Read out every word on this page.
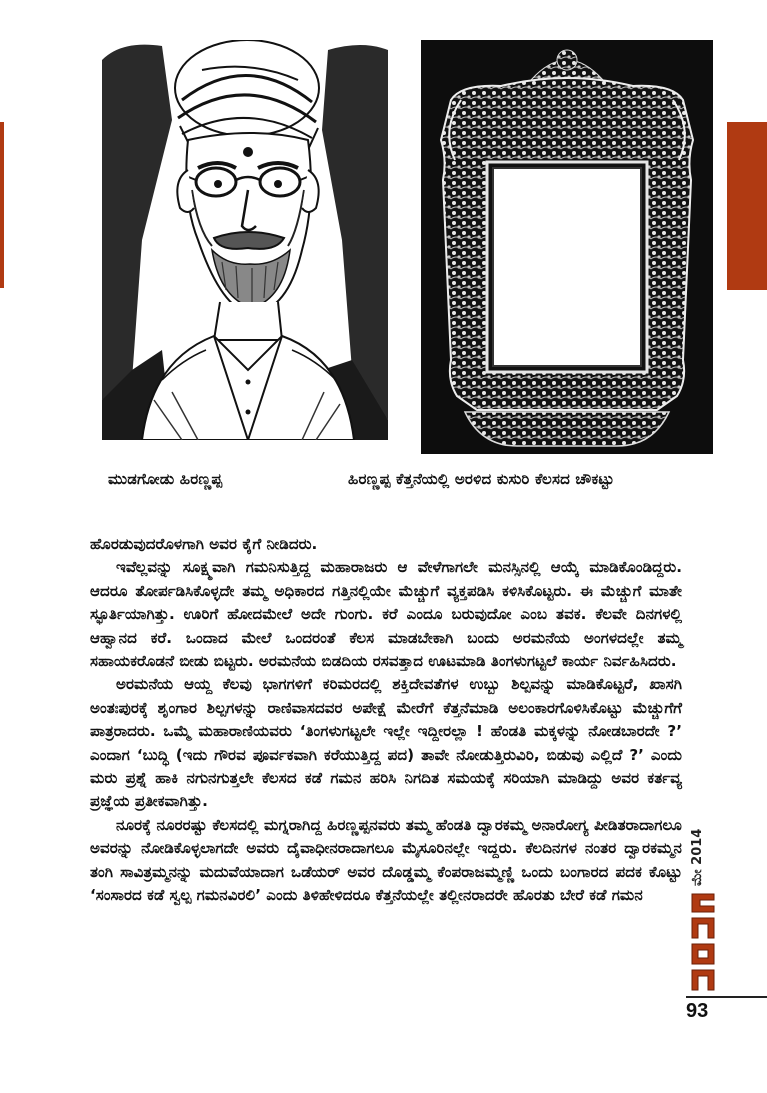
ಮುಡಗೋಡು ಹಿರಣ್ಣಪ್ಪ	ಹಿರಣ್ಣಪ್ಪ ಕೆತ್ತನೆಯಲ್ಲಿ ಅರಳಿದ ಕುಸುರಿ ಕೆಲಸದ ಚೌಕಟ್ಟು

ಹೊರಡುವುದರೊಳಗಾಗಿ ಅವರ ಕೈಗೆ ನೀಡಿದರು.

ಇವೆಲ್ಲವನ್ನು ಸೂಕ್ಷ್ಮವಾಗಿ ಗಮನಿಸುತ್ತಿದ್ದ ಮಹಾರಾಜರು ಆ ವೇಳೆಗಾಗಲೇ ಮನಸ್ಸಿನಲ್ಲಿ ಆಯ್ಕೆ ಮಾಡಿಕೊಂಡಿದ್ದರು. ಆದರೂ ತೋರ್ಪಡಿಸಿಕೊಳ್ಳದೇ ತಮ್ಮ ಅಧಿಕಾರದ ಗತ್ತಿನಲ್ಲಿಯೇ ಮೆಚ್ಚುಗೆ ವ್ಯಕ್ತಪಡಿಸಿ ಕಳಿಸಿಕೊಟ್ಟರು. ಈ ಮೆಚ್ಚುಗೆ ಮಾತೇ ಸ್ಫೂರ್ತಿಯಾಗಿತ್ತು. ಊರಿಗೆ ಹೋದಮೇಲೆ ಅದೇ ಗುಂಗು. ಕರೆ ಎಂದೂ ಬರುವುದೋ ಎಂಬ ತವಕ. ಕೆಲವೇ ದಿನಗಳಲ್ಲಿ ಆಹ್ವಾನದ ಕರೆ. ಒಂದಾದ ಮೇಲೆ ಒಂದರಂತೆ ಕೆಲಸ ಮಾಡಬೇಕಾಗಿ ಬಂದು ಅರಮನೆಯ ಅಂಗಳದಲ್ಲೇ ತಮ್ಮ ಸಹಾಯಕರೊಡನೆ ಬೀಡು ಬಿಟ್ಟರು. ಅರಮನೆಯ ಬಿಡದಿಯ ರಸವತ್ತಾದ ಊಟಮಾಡಿ ತಿಂಗಳುಗಟ್ಟಲೆ ಕಾರ್ಯ ನಿರ್ವಹಿಸಿದರು.

ಅರಮನೆಯ ಆಯ್ದ ಕೆಲವು ಭಾಗಗಳಿಗೆ ಕರಿಮರದಲ್ಲಿ ಶಕ್ತಿದೇವತೆಗಳ ಉಬ್ಬು ಶಿಲ್ಪವನ್ನು ಮಾಡಿಕೊಟ್ಟರೆ, ಖಾಸಗಿ ಅಂತಃಪುರಕ್ಕೆ ಶೃಂಗಾರ ಶಿಲ್ಪಗಳನ್ನು ರಾಣಿವಾಸದವರ ಅಪೇಕ್ಷೆ ಮೇರೆಗೆ ಕೆತ್ತನೆಮಾಡಿ ಅಲಂಕಾರಗೊಳಿಸಿಕೊಟ್ಟು ಮೆಚ್ಚುಗೆಗೆ ಪಾತ್ರರಾದರು. ಒಮ್ಮೆ ಮಹಾರಾಣಿಯವರು ‘ತಿಂಗಳುಗಟ್ಟಲೇ ಇಲ್ಲೇ ಇದ್ದೀರಲ್ಲಾ ! ಹೆಂಡತಿ ಮಕ್ಕಳನ್ನು ನೋಡಬಾರದೇ ?’ ಎಂದಾಗ ‘ಬುದ್ಧಿ (ಇದು ಗೌರವ ಪೂರ್ವಕವಾಗಿ ಕರೆಯುತ್ತಿದ್ದ ಪದ) ತಾವೇ ನೋಡುತ್ತಿರುವಿರಿ, ಬಿಡುವು ಎಲ್ಲಿದೆ ?’ ಎಂದು ಮರು ಪ್ರಶ್ನೆ ಹಾಕಿ ನಗುನಗುತ್ತಲೇ ಕೆಲಸದ ಕಡೆ ಗಮನ ಹರಿಸಿ ನಿಗದಿತ ಸಮಯಕ್ಕೆ ಸರಿಯಾಗಿ ಮಾಡಿದ್ದು ಅವರ ಕರ್ತವ್ಯ ಪ್ರಜ್ಞೆಯ ಪ್ರತೀಕವಾಗಿತ್ತು.

ನೂರಕ್ಕೆ ನೂರರಷ್ಟು ಕೆಲಸದಲ್ಲಿ ಮಗ್ನರಾಗಿದ್ದ ಹಿರಣ್ಣಪ್ಪನವರು ತಮ್ಮ ಹೆಂಡತಿ ದ್ವಾರಕಮ್ಮ ಅನಾರೋಗ್ಯ ಪೀಡಿತರಾದಾಗಲೂ ಅವರನ್ನು ನೋಡಿಕೊಳ್ಳಲಾಗದೇ ಅವರು ದೈವಾಧೀನರಾದಾಗಲೂ ಮೈಸೂರಿನಲ್ಲೇ ಇದ್ದರು. ಕೆಲದಿನಗಳ ನಂತರ ದ್ವಾರಕಮ್ಮನ ತಂಗಿ ಸಾವಿತ್ರಮ್ಮನನ್ನು ಮದುವೆಯಾದಾಗ ಒಡೆಯರ್ ಅವರ ದೊಡ್ಡಮ್ಮ ಕೆಂಪರಾಜಮ್ಮಣ್ಣಿ ಒಂದು ಬಂಗಾರದ ಪದಕ ಕೊಟ್ಟು ‘ಸಂಸಾರದ ಕಡೆ ಸ್ವಲ್ಪ ಗಮನವಿರಲಿ’ ಎಂದು ತಿಳಿಹೇಳಿದರೂ ಕೆತ್ತನೆಯಲ್ಲೇ ತಲ್ಲೀನರಾದರೇ ಹೊರತು ಬೇರೆ ಕಡೆ ಗಮನ

ಮೇ 2014
93
